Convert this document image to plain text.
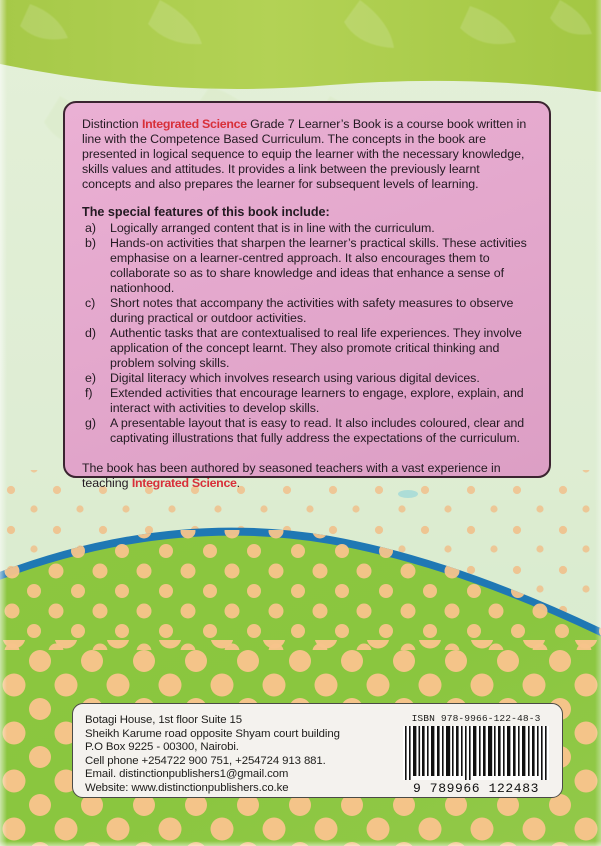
Distinction Integrated Science Grade 7 Learner’s Book is a course book written in line with the Competence Based Curriculum. The concepts in the book are presented in logical sequence to equip the learner with the necessary knowledge, skills values and attitudes. It provides a link between the previously learnt concepts and also prepares the learner for subsequent levels of learning.

The special features of this book include:
a)	Logically arranged content that is in line with the curriculum.
b)	Hands-on activities that sharpen the learner’s practical skills. These activities emphasise on a learner-centred approach. It also encourages them to collaborate so as to share knowledge and ideas that enhance a sense of nationhood.
c)	Short notes that accompany the activities with safety measures to observe during practical or outdoor activities.
d)	Authentic tasks that are contextualised to real life experiences. They involve application of the concept learnt. They also promote critical thinking and problem solving skills.
e)	Digital literacy which involves research using various digital devices.
f)	Extended activities that encourage learners to engage, explore, explain, and interact with activities to develop skills.
g)	A presentable layout that is easy to read. It also includes coloured, clear and captivating illustrations that fully address the expectations of the curriculum.

The book has been authored by seasoned teachers with a vast experience in teaching Integrated Science.

Botagi House, 1st floor Suite 15
Sheikh Karume road opposite Shyam court building
P.O Box 9225 - 00300, Nairobi.
Cell phone +254722 900 751, +254724 913 881.
Email. distinctionpublishers1@gmail.com
Website: www.distinctionpublishers.co.ke
ISBN 978-9966-122-48-3
9 789966 122483
